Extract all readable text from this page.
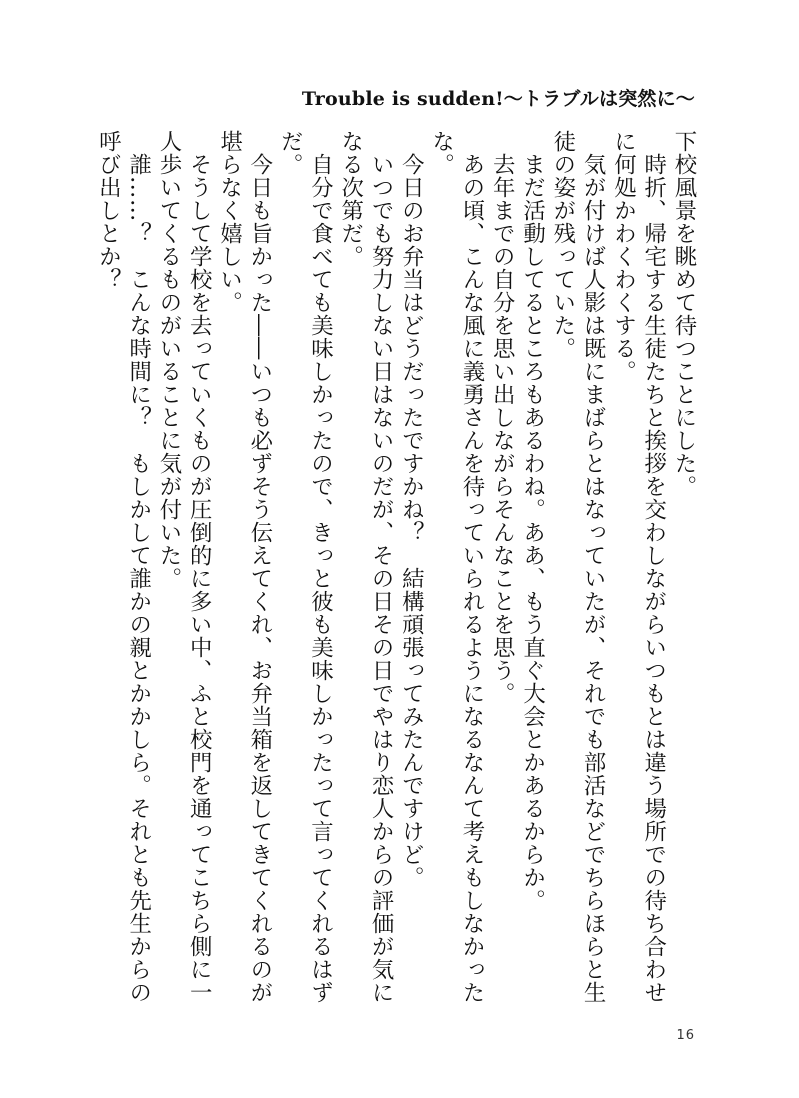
Trouble is sudden!〜トラブルは突然に〜

下校風景を眺めて待つことにした。

　時折、帰宅する生徒たちと挨拶を交わしながらいつもとは違う場所での待ち合わせに何処かわくわくする。

　気が付けば人影は既にまばらとはなっていたが、それでも部活などでちらほらと生徒の姿が残っていた。

　まだ活動してるところもあるわね。ああ、もう直ぐ大会とかあるからか。

　去年までの自分を思い出しながらそんなことを思う。

　あの頃、こんな風に義勇さんを待っていられるようになるなんて考えもしなかったな。

　今日のお弁当はどうだったですかね？　結構頑張ってみたんですけど。

　いつでも努力しない日はないのだが、その日その日でやはり恋人からの評価が気になる次第だ。

　自分で食べても美味しかったので、きっと彼も美味しかったって言ってくれるはずだ。

　今日も旨かった――いつも必ずそう伝えてくれ、お弁当箱を返してきてくれるのが堪らなく嬉しい。

　そうして学校を去っていくものが圧倒的に多い中、ふと校門を通ってこちら側に一人歩いてくるものがいることに気が付いた。

　誰……？　こんな時間に？　もしかして誰かの親とかかしら。それとも先生からの呼び出しとか？

16
